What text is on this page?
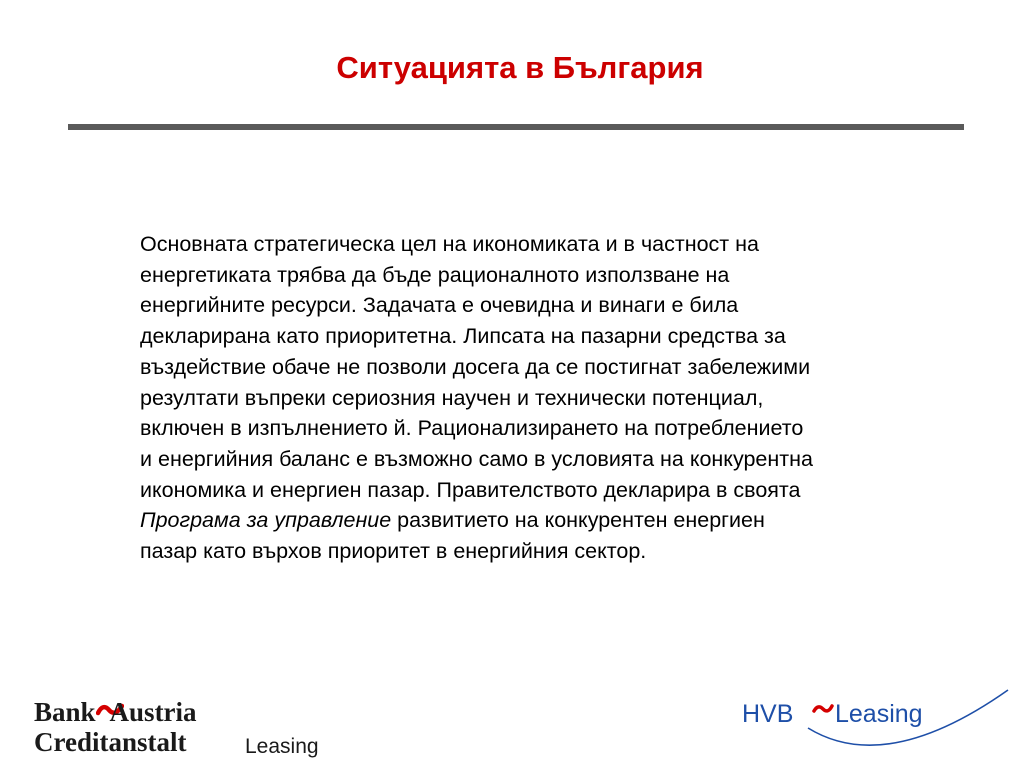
Ситуацията в България
Основната стратегическа цел на икономиката и в частност на
енергетиката трябва да бъде рационалното използване на
енергийните ресурси. Задачата е очевидна и винаги е била
декларирана като приоритетна. Липсата на пазарни средства за
въздействие обаче не позволи досега да се постигнат забележими
резултати въпреки сериозния научен и технически потенциал,
включен в изпълнението й. Рационализирането на потреблението
и енергийния баланс е възможно само в условията на конкурентна
икономика и енергиен пазар. Правителството декларира в своята
Програма за управление развитието на конкурентен енергиен
пазар като върхов приоритет в енергийния сектор.
Bank Austria
Creditanstalt	Leasing
HVB Leasing
